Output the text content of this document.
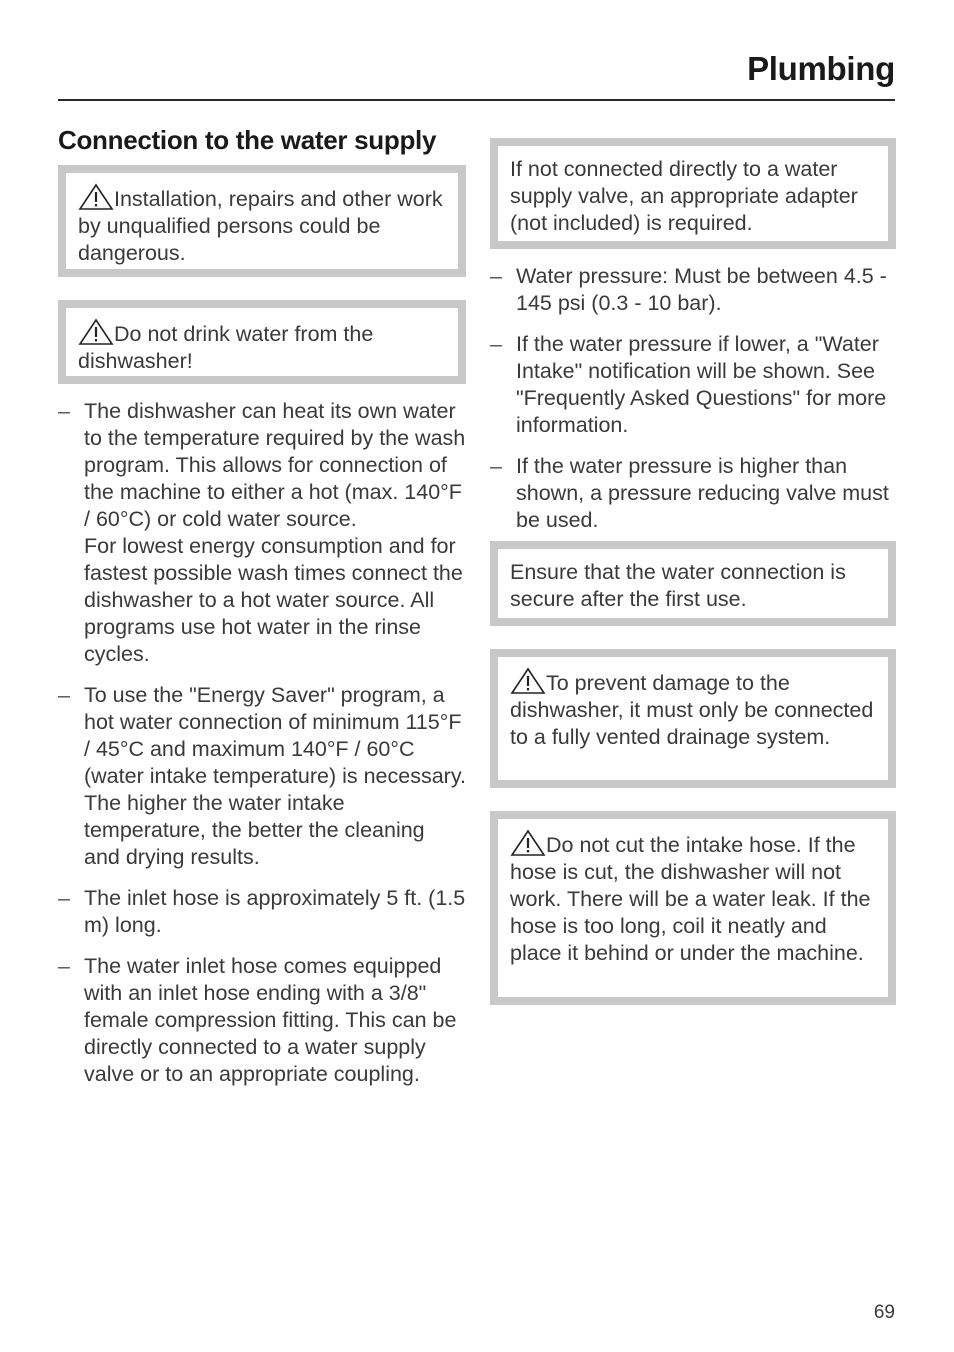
Plumbing
Connection to the water supply
Installation, repairs and other work by unqualified persons could be dangerous.
Do not drink water from the dishwasher!
– The dishwasher can heat its own water to the temperature required by the wash program. This allows for connection of the machine to either a hot (max. 140°F / 60°C) or cold water source.
For lowest energy consumption and for fastest possible wash times connect the dishwasher to a hot water source. All programs use hot water in the rinse cycles.
– To use the "Energy Saver" program, a hot water connection of minimum 115°F / 45°C and maximum 140°F / 60°C (water intake temperature) is necessary.
The higher the water intake temperature, the better the cleaning and drying results.
– The inlet hose is approximately 5 ft. (1.5 m) long.
– The water inlet hose comes equipped with an inlet hose ending with a 3/8" female compression fitting. This can be directly connected to a water supply valve or to an appropriate coupling.
If not connected directly to a water supply valve, an appropriate adapter (not included) is required.
– Water pressure: Must be between 4.5 - 145 psi (0.3 - 10 bar).
– If the water pressure if lower, a "Water Intake" notification will be shown. See "Frequently Asked Questions" for more information.
– If the water pressure is higher than shown, a pressure reducing valve must be used.
Ensure that the water connection is secure after the first use.
To prevent damage to the dishwasher, it must only be connected to a fully vented drainage system.
Do not cut the intake hose. If the hose is cut, the dishwasher will not work. There will be a water leak. If the hose is too long, coil it neatly and place it behind or under the machine.
69
